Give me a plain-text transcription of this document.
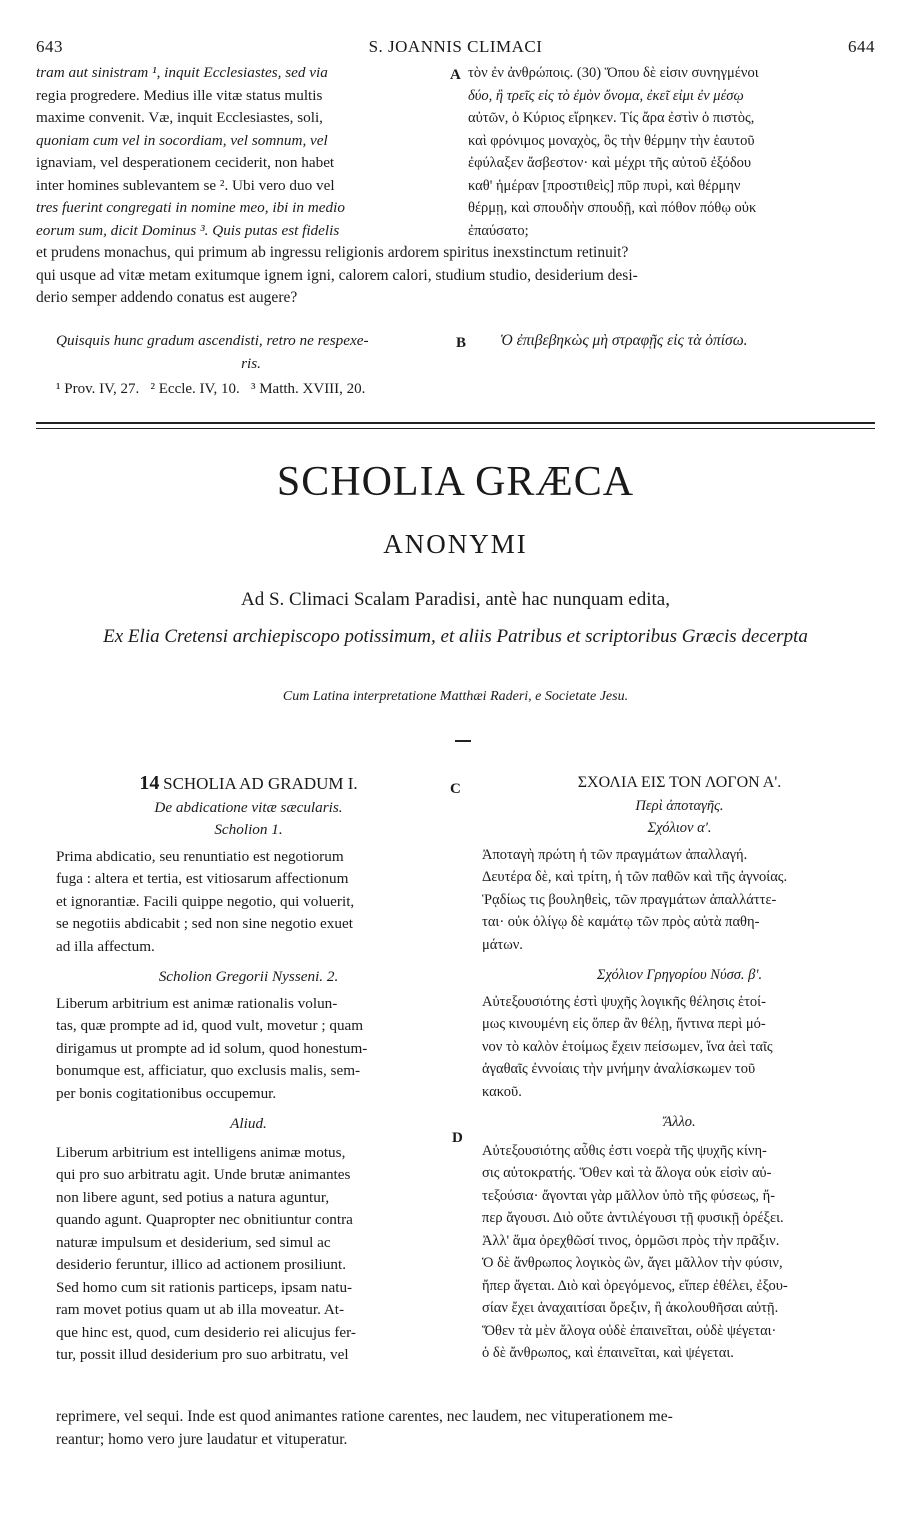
643	S. JOANNIS CLIMACI	644

tram aut sinistram ¹, inquit Ecclesiastes, sed via

regia progredere. Medius ille vitæ status multis

maxime convenit. Væ, inquit Ecclesiastes, soli,

quoniam cum vel in socordiam, vel somnum, vel

ignaviam, vel desperationem ceciderit, non habet

inter homines sublevantem se ². Ubi vero duo vel

tres fuerint congregati in nomine meo, ibi in medio

eorum sum, dicit Dominus ³. Quis putas est fidelis

A τὸν ἐν ἀνθρώποις. (30) Ὅπου δὲ εἰσιν συνηγμένοι

δύο, ἢ τρεῖς εἰς τὸ ἐμὸν ὄνομα, ἐκεῖ εἰμι ἐν μέσῳ

αὐτῶν, ὁ Κύριος εἴρηκεν. Τίς ἄρα ἐστὶν ὁ πιστὸς,

καὶ φρόνιμος μοναχὸς, ὃς τὴν θέρμην τὴν ἑαυτοῦ

ἐφύλαξεν ἄσβεστον· καὶ μέχρι τῆς αὐτοῦ ἐξόδου

καθ' ἡμέραν [προστιθεὶς] πῦρ πυρὶ, καὶ θέρμην

θέρμῃ, καὶ σπουδὴν σπουδῇ, καὶ πόθον πόθῳ οὐκ

ἐπαύσατο;

et prudens monachus, qui primum ab ingressu religionis ardorem spiritus inexstinctum retinuit?

qui usque ad vitæ metam exitumque ignem igni, calorem calori, studium studio, desiderium desi-

derio semper addendo conatus est augere?

Quisquis hunc gradum ascendisti, retro ne respexe-

ris.

B Ὁ ἐπιβεβηκὼς μὴ στραφῇς εἰς τὰ ὀπίσω.

¹ Prov. IV, 27.   ² Eccle. IV, 10.   ³ Matth. XVIII, 20.
SCHOLIA GRÆCA
ANONYMI
Ad S. Climaci Scalam Paradisi, antè hac nunquam edita,
Ex Elia Cretensi archiepiscopo potissimum, et aliis Patribus et scriptoribus Græcis decerpta
Cum Latina interpretatione Matthæi Raderi, e Societate Jesu.

14 SCHOLIA AD GRADUM I.

De abdicatione vitæ sæcularis.

Scholion 1.

Prima abdicatio, seu renuntiatio est negotiorum

fuga : altera et tertia, est vitiosarum affectionum

et ignorantiæ. Facili quippe negotio, qui voluerit,

se negotiis abdicabit ; sed non sine negotio exuet

ad illa affectum.

Scholion Gregorii Nysseni. 2.

Liberum arbitrium est animæ rationalis volun-

tas, quæ prompte ad id, quod vult, movetur ; quam

dirigamus ut prompte ad id solum, quod honestum-

bonumque est, afficiatur, quo exclusis malis, sem-

per bonis cogitationibus occupemur.

Aliud.

Liberum arbitrium est intelligens animæ motus,

qui pro suo arbitratu agit. Unde brutæ animantes

non libere agunt, sed potius a natura aguntur,

quando agunt. Quapropter nec obnitiuntur contra

naturæ impulsum et desiderium, sed simul ac

desiderio feruntur, illico ad actionem prosiliunt.

Sed homo cum sit rationis particeps, ipsam natu-

ram movet potius quam ut ab illa moveatur. At-

que hinc est, quod, cum desiderio rei alicujus fer-

tur, possit illud desiderium pro suo arbitratu, vel

C
D

ΣΧΟΛΙΑ ΕΙΣ ΤΟΝ ΛΟΓΟΝ Α'.

Περὶ ἀποταγῆς.

Σχόλιον α'.

Ἀποταγὴ πρώτη ἡ τῶν πραγμάτων ἀπαλλαγή.

Δευτέρα δὲ, καὶ τρίτη, ἡ τῶν παθῶν καὶ τῆς ἀγνοίας.

Ῥᾳδίως τις βουληθεὶς, τῶν πραγμάτων ἀπαλλάττε-

ται· οὐκ ὀλίγῳ δὲ καμάτῳ τῶν πρὸς αὐτὰ παθη-

μάτων.

Σχόλιον Γρηγορίου Νύσσ. β'.

Αὐτεξουσιότης ἐστὶ ψυχῆς λογικῆς θέλησις ἑτοί-

μως κινουμένη εἰς ὅπερ ἂν θέλῃ, ἥντινα περὶ μό-

νον τὸ καλὸν ἑτοίμως ἔχειν πείσωμεν, ἵνα ἀεὶ ταῖς

ἀγαθαῖς ἐννοίαις τὴν μνήμην ἀναλίσκωμεν τοῦ

κακοῦ.

Ἄλλο.

Αὐτεξουσιότης αὖθις ἐστι νοερὰ τῆς ψυχῆς κίνη-

σις αὐτοκρατής. Ὅθεν καὶ τὰ ἄλογα οὐκ εἰσὶν αὐ-

τεξούσια· ἄγονται γὰρ μᾶλλον ὑπὸ τῆς φύσεως, ἤ-

περ ἄγουσι. Διὸ οὔτε ἀντιλέγουσι τῇ φυσικῇ ὀρέξει.

Ἀλλ' ἅμα ὀρεχθῶσί τινος, ὁρμῶσι πρὸς τὴν πρᾶξιν.

Ὁ δὲ ἄνθρωπος λογικὸς ὢν, ἄγει μᾶλλον τὴν φύσιν,

ἤπερ ἄγεται. Διὸ καὶ ὀρεγόμενος, εἴπερ ἐθέλει, ἐξου-

σίαν ἔχει ἀναχαιτίσαι ὄρεξιν, ἢ ἀκολουθῆσαι αὐτῇ.

Ὅθεν τὰ μὲν ἄλογα οὐδὲ ἐπαινεῖται, οὐδὲ ψέγεται·

ὁ δὲ ἄνθρωπος, καὶ ἐπαινεῖται, καὶ ψέγεται.

reprimere, vel sequi. Inde est quod animantes ratione carentes, nec laudem, nec vituperationem me-

reantur; homo vero jure laudatur et vituperatur.
